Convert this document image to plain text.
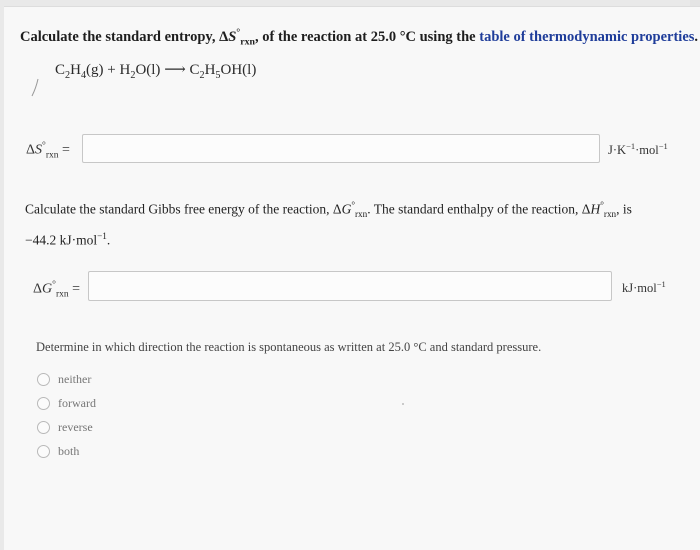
Calculate the standard entropy, $\Delta S^\circ_{rxn}$, of the reaction at 25.0 °C using the table of thermodynamic properties.
$C_2H_4(g) + H_2O(l)$ ⟶ $C_2H_5OH(l)$
$\Delta S^\circ_{rxn}$ =	$J\cdot K^{-1}\cdot mol^{-1}$
Calculate the standard Gibbs free energy of the reaction, $\Delta G^\circ_{rxn}$. The standard enthalpy of the reaction, $\Delta H^\circ_{rxn}$, is
−44.2 kJ·mol$^{-1}$.
$\Delta G^\circ_{rxn}$ =	kJ·mol$^{-1}$
Determine in which direction the reaction is spontaneous as written at 25.0 °C and standard pressure.
neither
forward
reverse
both
